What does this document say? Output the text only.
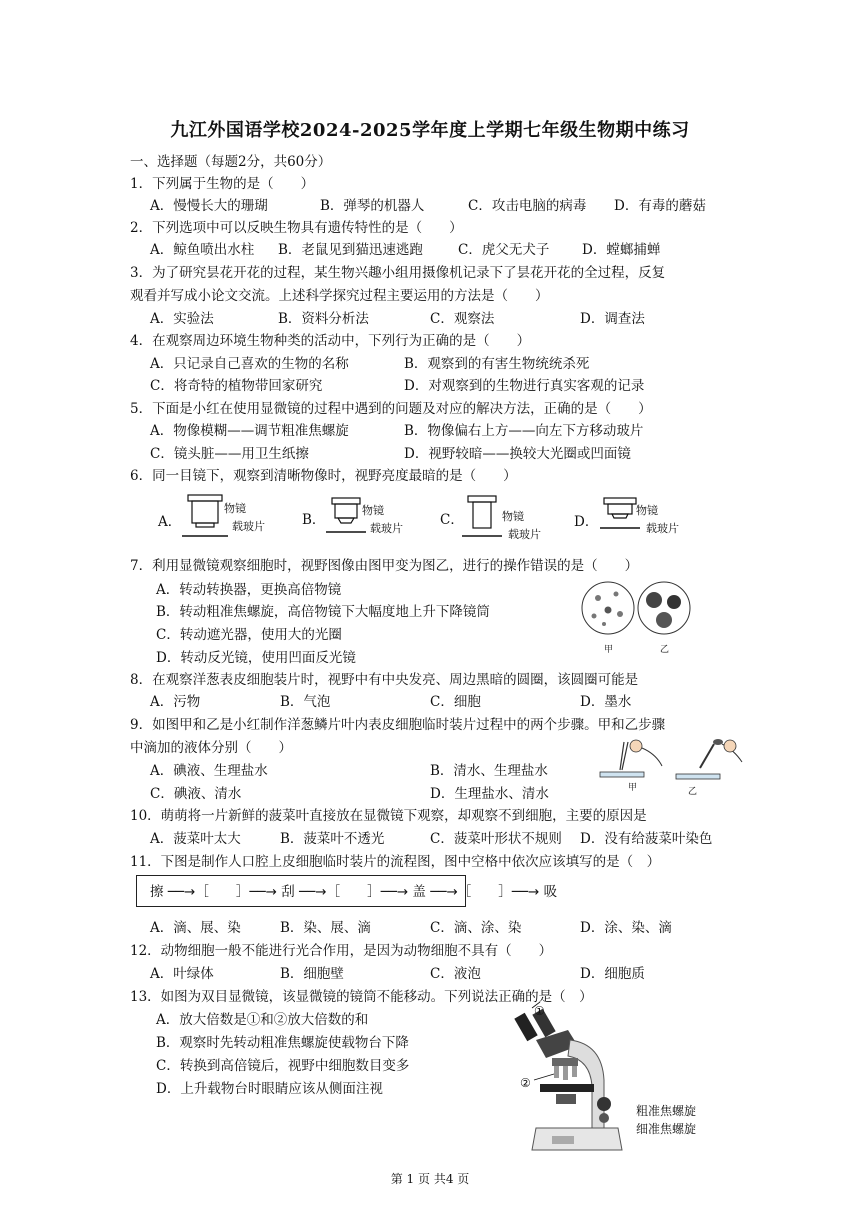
九江外国语学校2024-2025学年度上学期七年级生物期中练习
一、选择题（每题2分，共60分）
1．下列属于生物的是（　　）
A．慢慢长大的珊瑚	B．弹琴的机器人	C．攻击电脑的病毒 D．有毒的蘑菇
2．下列选项中可以反映生物具有遗传特性的是（　　）
A．鲸鱼喷出水柱 B．老鼠见到猫迅速逃跑	C．虎父无犬子 D．螳螂捕蝉
3．为了研究昙花开花的过程，某生物兴趣小组用摄像机记录下了昙花开花的全过程，反复
观看并写成小论文交流。上述科学探究过程主要运用的方法是（　　）
A．实验法	B．资料分析法	C．观察法	D．调查法
4．在观察周边环境生物种类的活动中，下列行为正确的是（　　）
A．只记录自己喜欢的生物的名称	B．观察到的有害生物统统杀死
C．将奇特的植物带回家研究	D．对观察到的生物进行真实客观的记录
5．下面是小红在使用显微镜的过程中遇到的问题及对应的解决方法，正确的是（　　）
A．物像模糊——调节粗准焦螺旋	B．物像偏右上方——向左下方移动玻片
C．镜头脏——用卫生纸擦	D．视野较暗——换较大光圈或凹面镜
6．同一目镜下，观察到清晰物像时，视野亮度最暗的是（　　）
A．	B．	C．	D．
物镜
载玻片
物镜
载玻片
物镜
载玻片
物镜
载玻片
7．利用显微镜观察细胞时，视野图像由图甲变为图乙，进行的操作错误的是（　　）
A．转动转换器，更换高倍物镜
B．转动粗准焦螺旋，高倍物镜下大幅度地上升下降镜筒
C．转动遮光器，使用大的光圈
D．转动反光镜，使用凹面反光镜	甲	乙
8．在观察洋葱表皮细胞装片时，视野中有中央发亮、周边黑暗的圆圈，该圆圈可能是
A．污物	B．气泡	C．细胞	D．墨水
9．如图甲和乙是小红制作洋葱鳞片叶内表皮细胞临时装片过程中的两个步骤。甲和乙步骤
中滴加的液体分别（　　）
A．碘液、生理盐水	B．清水、生理盐水
C．碘液、清水	D．生理盐水、清水	甲	乙
10．萌萌将一片新鲜的菠菜叶直接放在显微镜下观察，却观察不到细胞，主要的原因是
A．菠菜叶太大	B．菠菜叶不透光	C．菠菜叶形状不规则 D．没有给菠菜叶染色
11．下图是制作人口腔上皮细胞临时装片的流程图，图中空格中依次应该填写的是（　）
擦 ──→［　　］──→ 刮 ──→［　　］──→ 盖 ──→［　　］──→ 吸
A．滴、展、染	B．染、展、滴	C．滴、涂、染	D．涂、染、滴
12．动物细胞一般不能进行光合作用，是因为动物细胞不具有（　　）
A．叶绿体	B．细胞壁	C．液泡	D．细胞质
13．如图为双目显微镜，该显微镜的镜筒不能移动。下列说法正确的是（　）
A．放大倍数是①和②放大倍数的和
B．观察时先转动粗准焦螺旋使载物台下降
C．转换到高倍镜后，视野中细胞数目变多
D．上升载物台时眼睛应该从侧面注视
①
②
粗准焦螺旋
细准焦螺旋
第 1 页 共4 页
